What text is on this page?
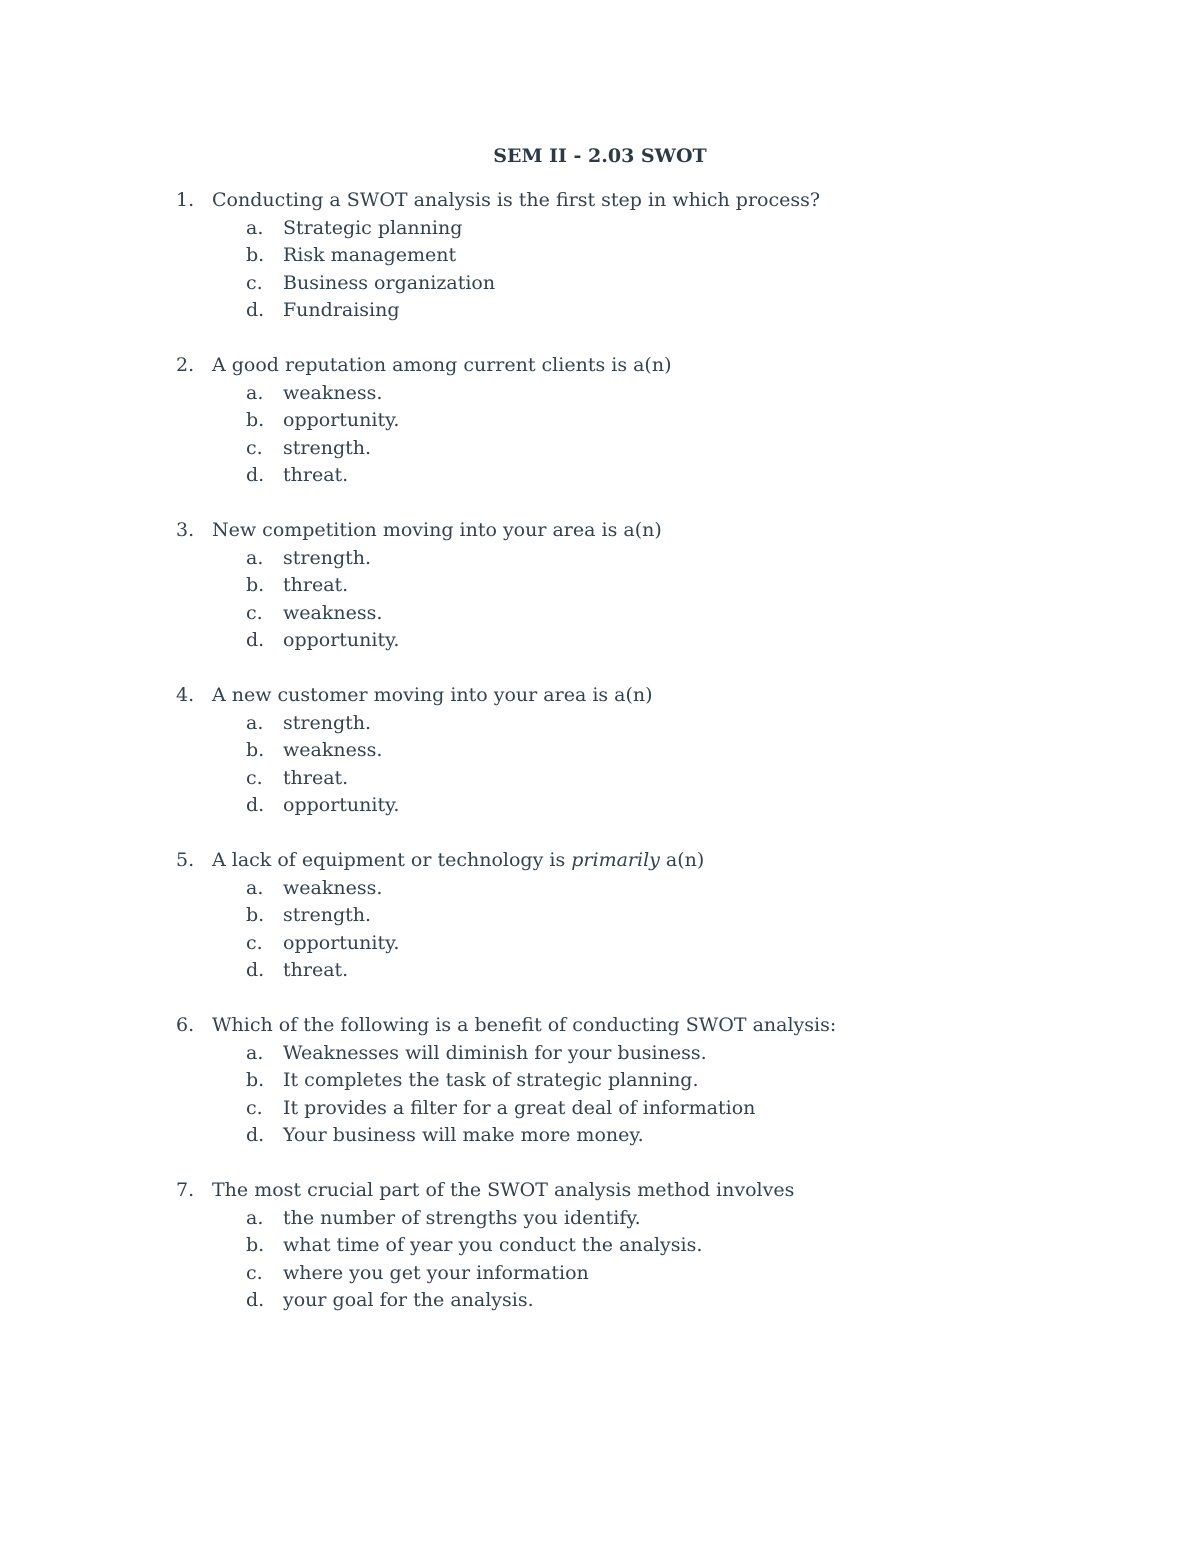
SEM II - 2.03 SWOT
1. Conducting a SWOT analysis is the first step in which process?
a. Strategic planning
b. Risk management
c. Business organization
d. Fundraising
2. A good reputation among current clients is a(n)
a. weakness.
b. opportunity.
c. strength.
d. threat.
3. New competition moving into your area is a(n)
a. strength.
b. threat.
c. weakness.
d. opportunity.
4. A new customer moving into your area is a(n)
a. strength.
b. weakness.
c. threat.
d. opportunity.
5. A lack of equipment or technology is primarily a(n)
a. weakness.
b. strength.
c. opportunity.
d. threat.
6. Which of the following is a benefit of conducting SWOT analysis:
a. Weaknesses will diminish for your business.
b. It completes the task of strategic planning.
c. It provides a filter for a great deal of information
d. Your business will make more money.
7. The most crucial part of the SWOT analysis method involves
a. the number of strengths you identify.
b. what time of year you conduct the analysis.
c. where you get your information
d. your goal for the analysis.
